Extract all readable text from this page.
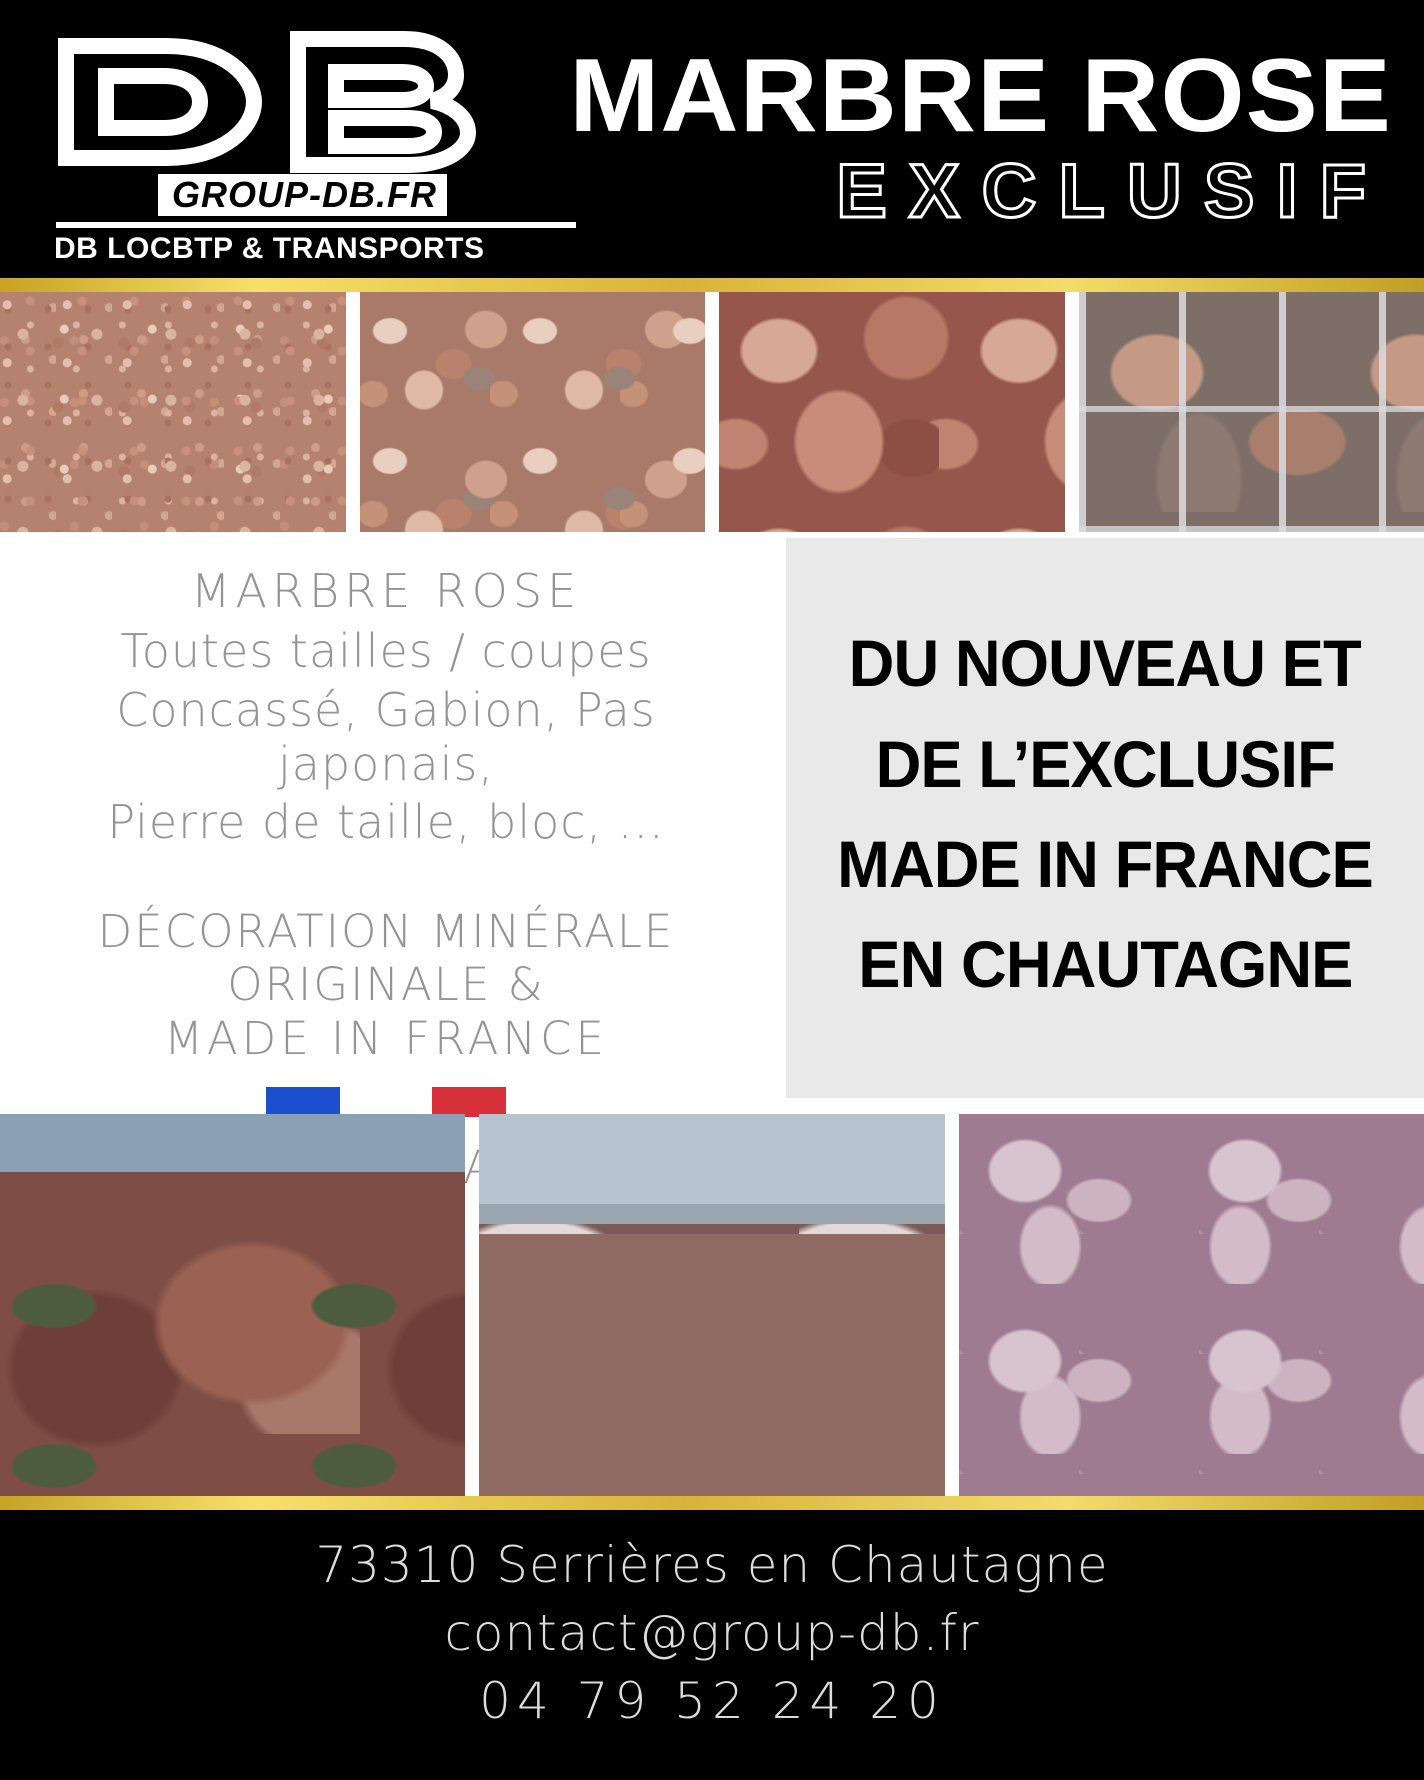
GROUP-DB.FR
DB LOCBTP & TRANSPORTS
MARBRE ROSE
EXCLUSIF
MARBRE ROSE
Toutes tailles / coupes
Concassé, Gabion, Pas japonais,
Pierre de taille, bloc, ...
DÉCORATION MINÉRALE
ORIGINALE &
MADE IN FRANCE
DU NOUVEAU ET
DE L’EXCLUSIF
MADE IN FRANCE
EN CHAUTAGNE
73310 Serrières en Chautagne
contact@group-db.fr
04 79 52 24 20
